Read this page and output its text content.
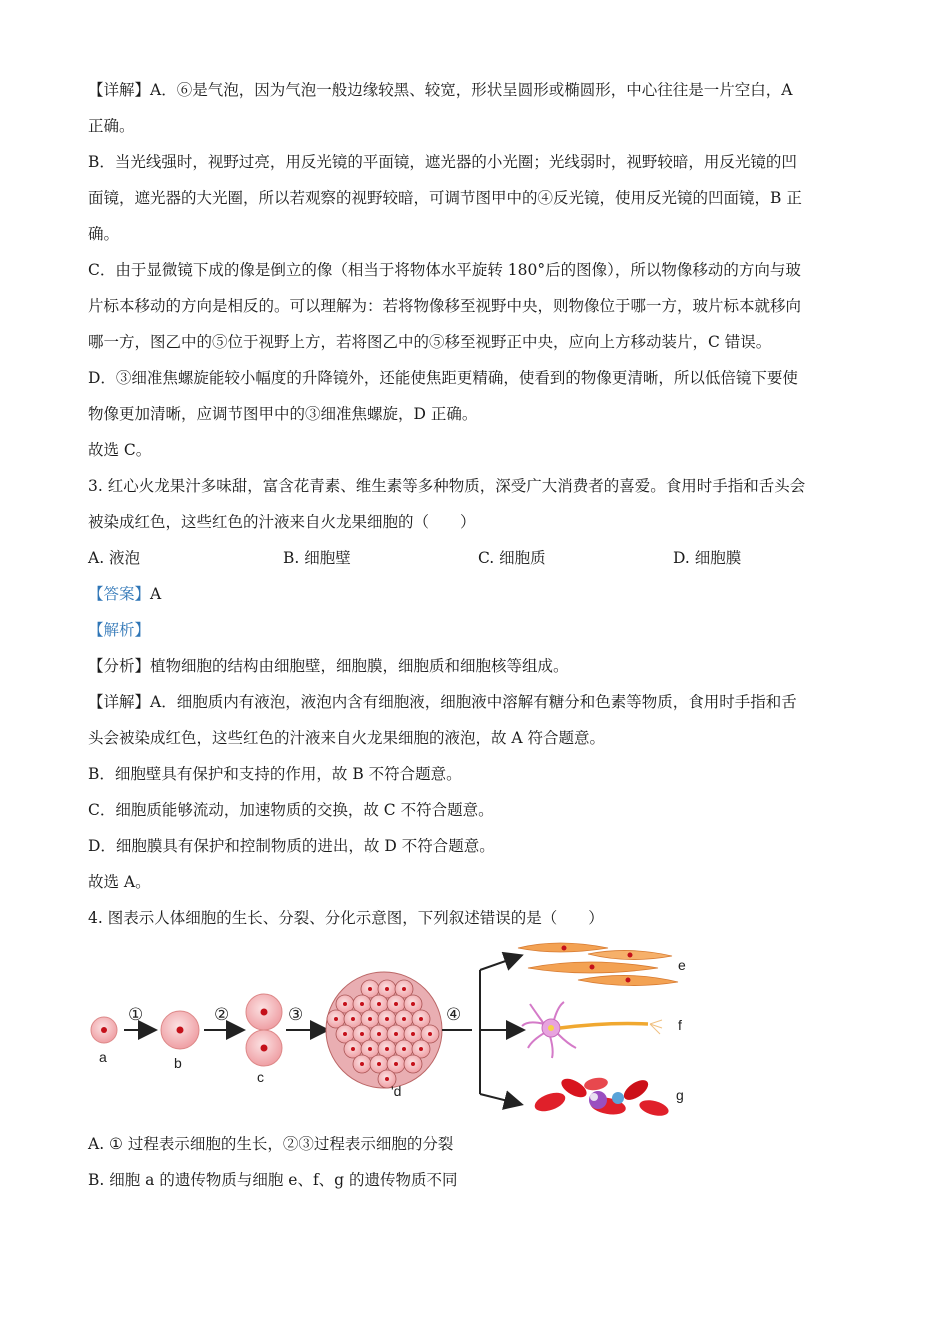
【详解】A．⑥是气泡，因为气泡一般边缘较黑、较宽，形状呈圆形或椭圆形，中心往往是一片空白，A

正确。

B．当光线强时，视野过亮，用反光镜的平面镜，遮光器的小光圈；光线弱时，视野较暗，用反光镜的凹

面镜，遮光器的大光圈，所以若观察的视野较暗，可调节图甲中的④反光镜，使用反光镜的凹面镜，B 正

确。

C．由于显微镜下成的像是倒立的像（相当于将物体水平旋转 180°后的图像），所以物像移动的方向与玻

片标本移动的方向是相反的。可以理解为：若将物像移至视野中央，则物像位于哪一方，玻片标本就移向

哪一方，图乙中的⑤位于视野上方，若将图乙中的⑤移至视野正中央，应向上方移动装片，C 错误。

D．③细准焦螺旋能较小幅度的升降镜外，还能使焦距更精确，使看到的物像更清晰，所以低倍镜下要使

物像更加清晰，应调节图甲中的③细准焦螺旋，D 正确。

故选 C。

3. 红心火龙果汁多味甜，富含花青素、维生素等多种物质，深受广大消费者的喜爱。食用时手指和舌头会

被染成红色，这些红色的汁液来自火龙果细胞的（　　）

A. 液泡	B. 细胞壁	C. 细胞质	D. 细胞膜

【答案】A

【解析】

【分析】植物细胞的结构由细胞壁，细胞膜，细胞质和细胞核等组成。

【详解】A．细胞质内有液泡，液泡内含有细胞液，细胞液中溶解有糖分和色素等物质，食用时手指和舌

头会被染成红色，这些红色的汁液来自火龙果细胞的液泡，故 A 符合题意。

B．细胞壁具有保护和支持的作用，故 B 不符合题意。

C．细胞质能够流动，加速物质的交换，故 C 不符合题意。

D．细胞膜具有保护和控制物质的进出，故 D 不符合题意。

故选 A。

4. 图表示人体细胞的生长、分裂、分化示意图，下列叙述错误的是（　　）

a
①
b
②
c
③
'd
④
e
f
g

A. ① 过程表示细胞的生长，②③过程表示细胞的分裂

B. 细胞 a 的遗传物质与细胞 e、f、g 的遗传物质不同
